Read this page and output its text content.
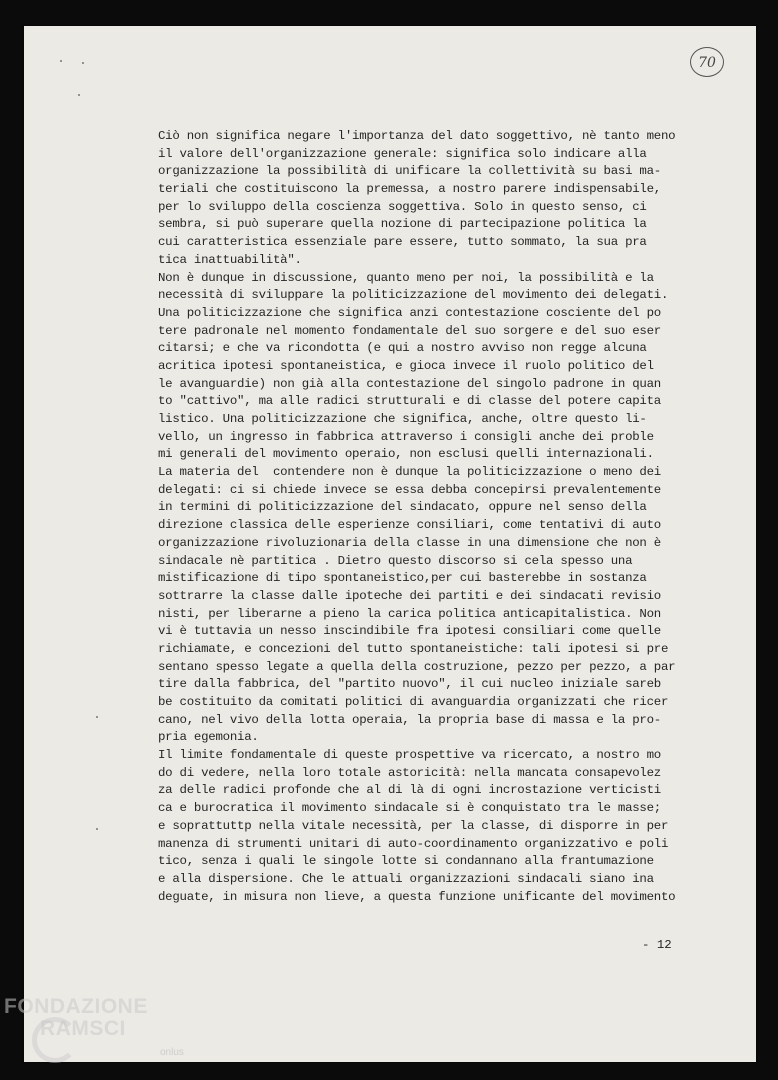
70
Ciò non significa negare l'importanza del dato soggettivo, nè tanto meno
il valore dell'organizzazione generale: significa solo indicare alla
organizzazione la possibilità di unificare la collettività su basi ma-
teriali che costituiscono la premessa, a nostro parere indispensabile,
per lo sviluppo della coscienza soggettiva. Solo in questo senso, ci
sembra, si può superare quella nozione di partecipazione politica la
cui caratteristica essenziale pare essere, tutto sommato, la sua pra
tica inattuabilità".
Non è dunque in discussione, quanto meno per noi, la possibilità e la
necessità di sviluppare la politicizzazione del movimento dei delegati.
Una politicizzazione che significa anzi contestazione cosciente del po
tere padronale nel momento fondamentale del suo sorgere e del suo eser
citarsi; e che va ricondotta (e qui a nostro avviso non regge alcuna
acritica ipotesi spontaneistica, e gioca invece il ruolo politico del
le avanguardie) non già alla contestazione del singolo padrone in quan
to "cattivo", ma alle radici strutturali e di classe del potere capita
listico. Una politicizzazione che significa, anche, oltre questo li-
vello, un ingresso in fabbrica attraverso i consigli anche dei proble
mi generali del movimento operaio, non esclusi quelli internazionali.
La materia del  contendere non è dunque la politicizzazione o meno dei
delegati: ci si chiede invece se essa debba concepirsi prevalentemente
in termini di politicizzazione del sindacato, oppure nel senso della
direzione classica delle esperienze consiliari, come tentativi di auto
organizzazione rivoluzionaria della classe in una dimensione che non è
sindacale nè partitica . Dietro questo discorso si cela spesso una
mistificazione di tipo spontaneistico,per cui basterebbe in sostanza
sottrarre la classe dalle ipoteche dei partiti e dei sindacati revisio
nisti, per liberarne a pieno la carica politica anticapitalistica. Non
vi è tuttavia un nesso inscindibile fra ipotesi consiliari come quelle
richiamate, e concezioni del tutto spontaneistiche: tali ipotesi si pre
sentano spesso legate a quella della costruzione, pezzo per pezzo, a par
tire dalla fabbrica, del "partito nuovo", il cui nucleo iniziale sareb
be costituito da comitati politici di avanguardia organizzati che ricer
cano, nel vivo della lotta operaia, la propria base di massa e la pro-
pria egemonia.
Il limite fondamentale di queste prospettive va ricercato, a nostro mo
do di vedere, nella loro totale astoricità: nella mancata consapevolez
za delle radici profonde che al di là di ogni incrostazione verticisti
ca e burocratica il movimento sindacale si è conquistato tra le masse;
e soprattuttp nella vitale necessità, per la classe, di disporre in per
manenza di strumenti unitari di auto-coordinamento organizzativo e poli
tico, senza i quali le singole lotte si condannano alla frantumazione
e alla dispersione. Che le attuali organizzazioni sindacali siano ina
deguate, in misura non lieve, a questa funzione unificante del movimento
- 12
FONDAZIONE
RAMSCI
onlus
